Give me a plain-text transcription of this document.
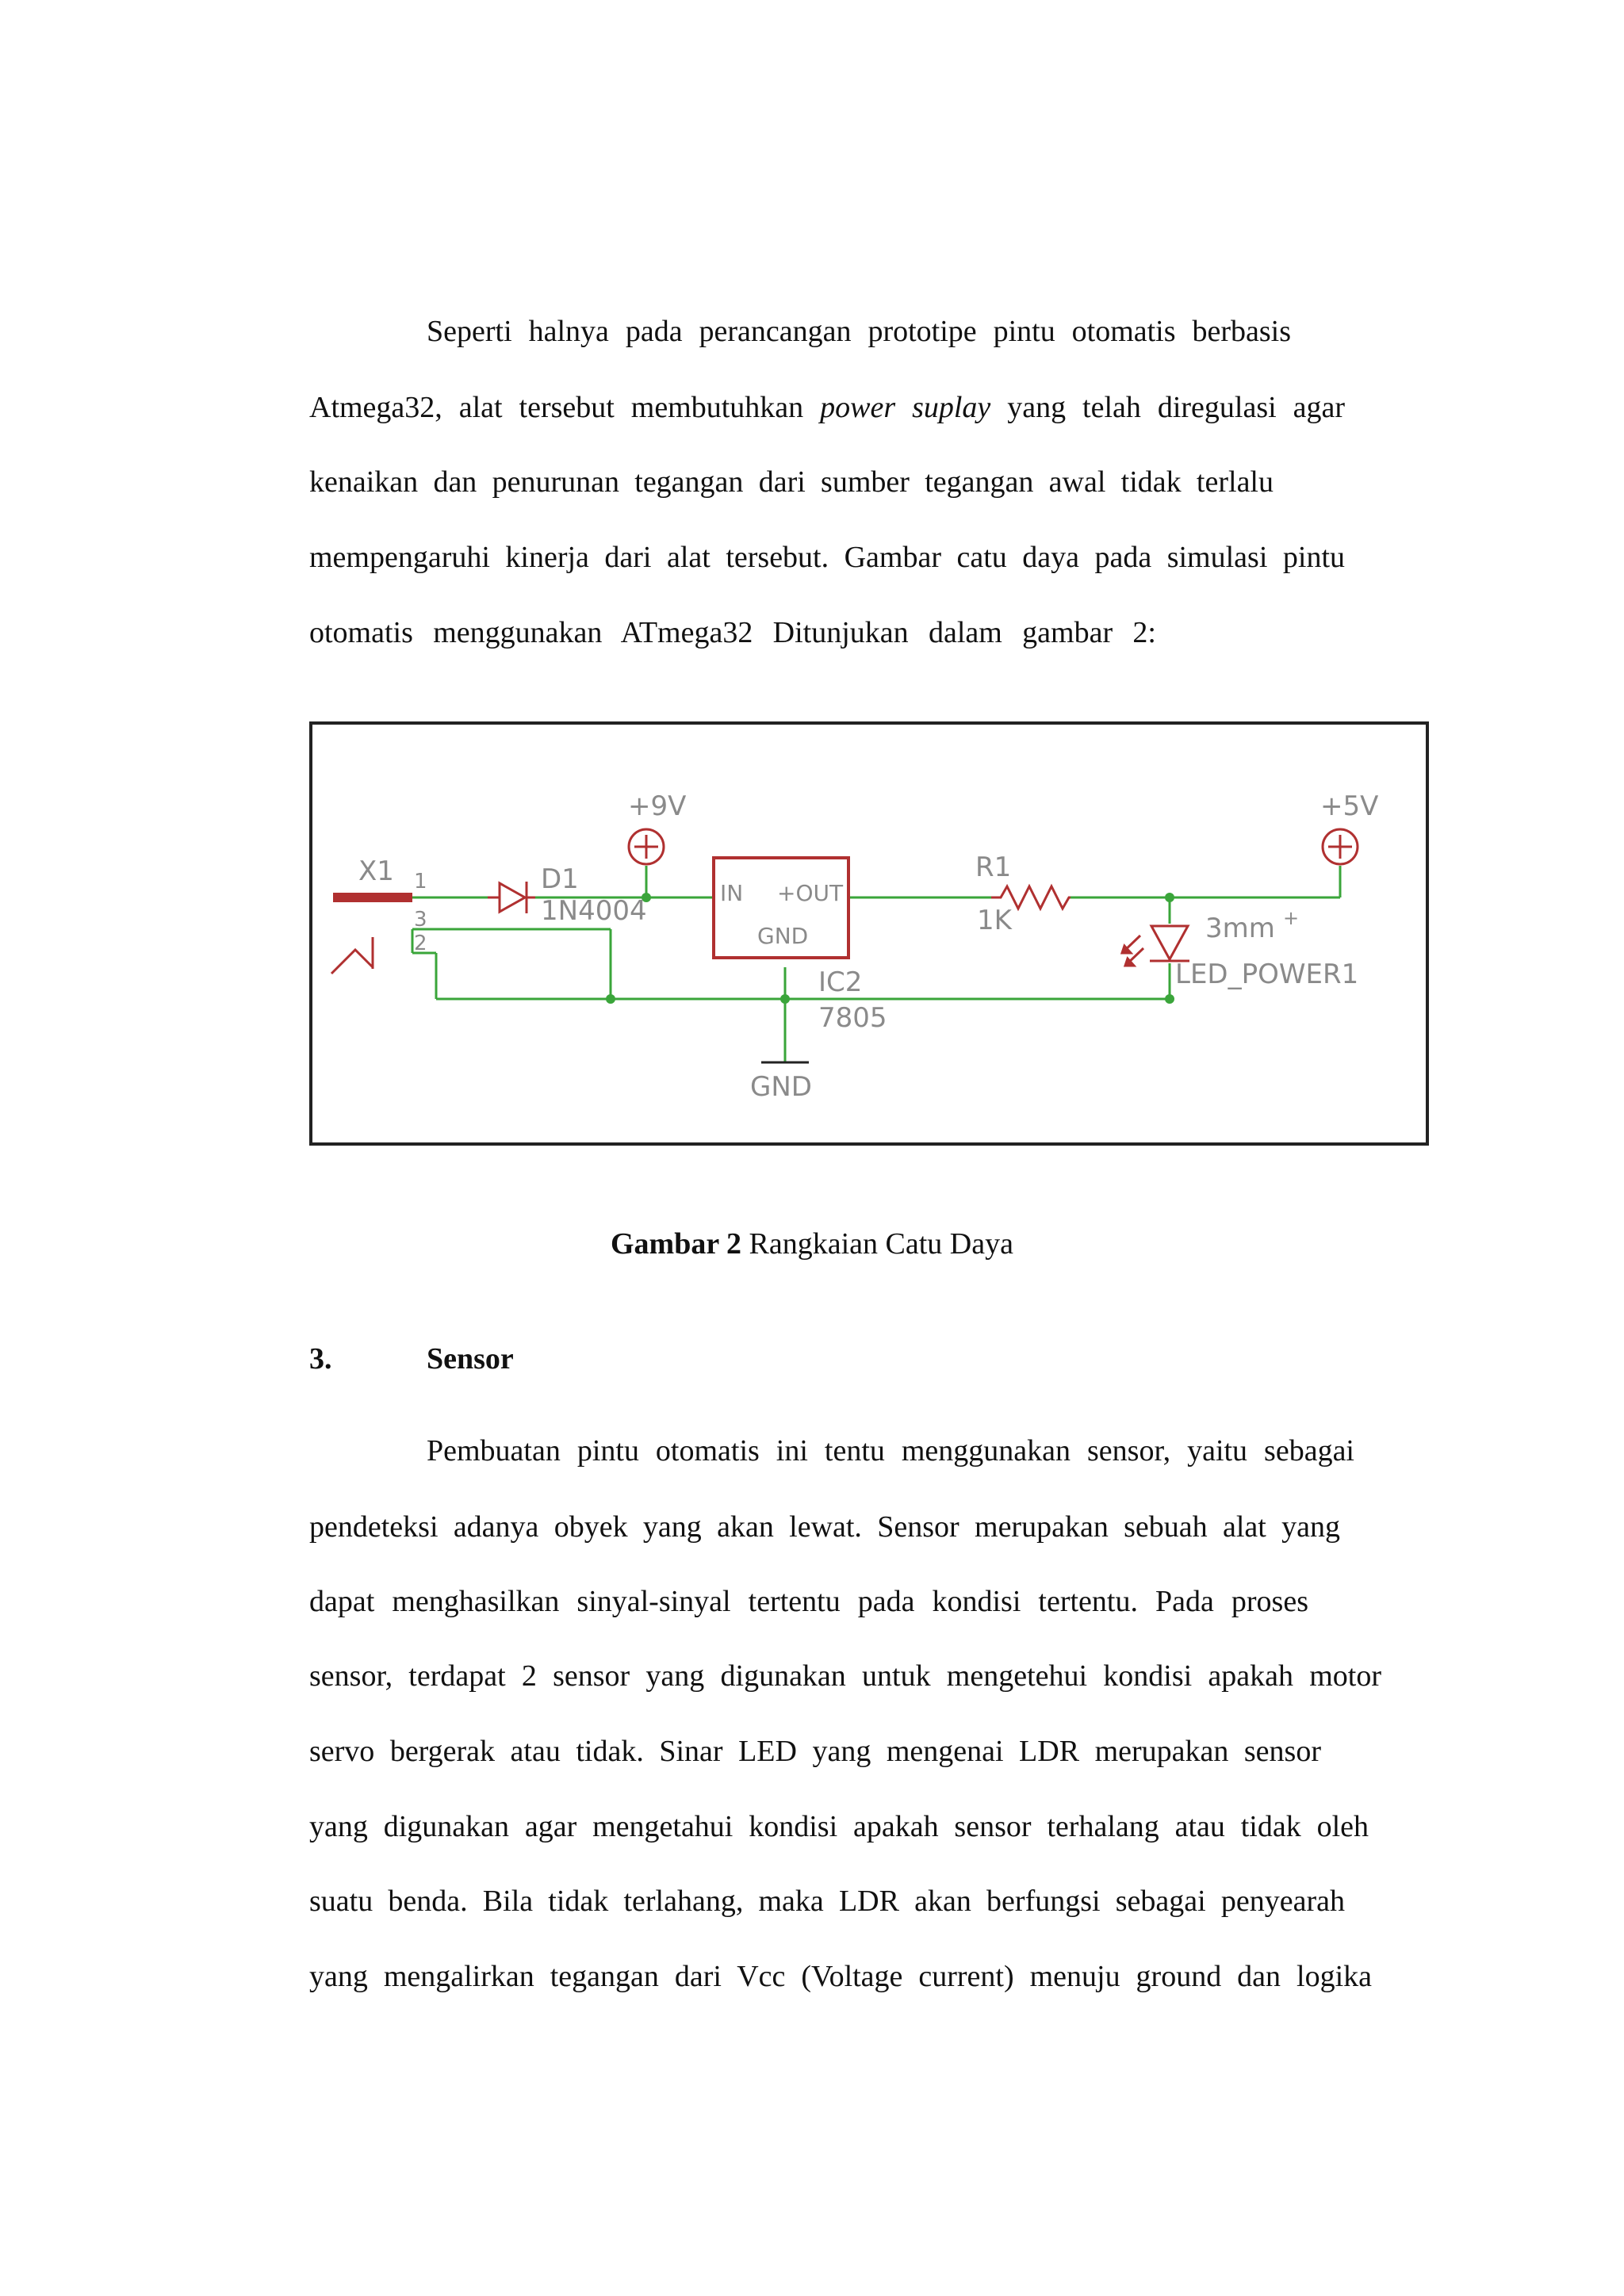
Seperti halnya pada perancangan prototipe pintu otomatis berbasis
Atmega32, alat tersebut membutuhkan power suplay yang telah diregulasi agar
kenaikan dan penurunan tegangan dari sumber tegangan awal tidak terlalu
mempengaruhi kinerja dari alat tersebut. Gambar catu daya pada simulasi pintu
otomatis menggunakan ATmega32 Ditunjukan dalam gambar 2:
+9V	+5V
X1 1
3
2
D1
1N4004
IN +OUT
GND
IC2
7805
GND
R1
1K	3mm +
LED_POWER1
Gambar 2 Rangkaian Catu Daya
3.	Sensor
Pembuatan pintu otomatis ini tentu menggunakan sensor, yaitu sebagai
pendeteksi adanya obyek yang akan lewat. Sensor merupakan sebuah alat yang
dapat menghasilkan sinyal-sinyal tertentu pada kondisi tertentu. Pada proses
sensor, terdapat 2 sensor yang digunakan untuk mengetehui kondisi apakah motor
servo bergerak atau tidak. Sinar LED yang mengenai LDR merupakan sensor
yang digunakan agar mengetahui kondisi apakah sensor terhalang atau tidak oleh
suatu benda. Bila tidak terlahang, maka LDR akan berfungsi sebagai penyearah
yang mengalirkan tegangan dari Vcc (Voltage current) menuju ground dan logika
